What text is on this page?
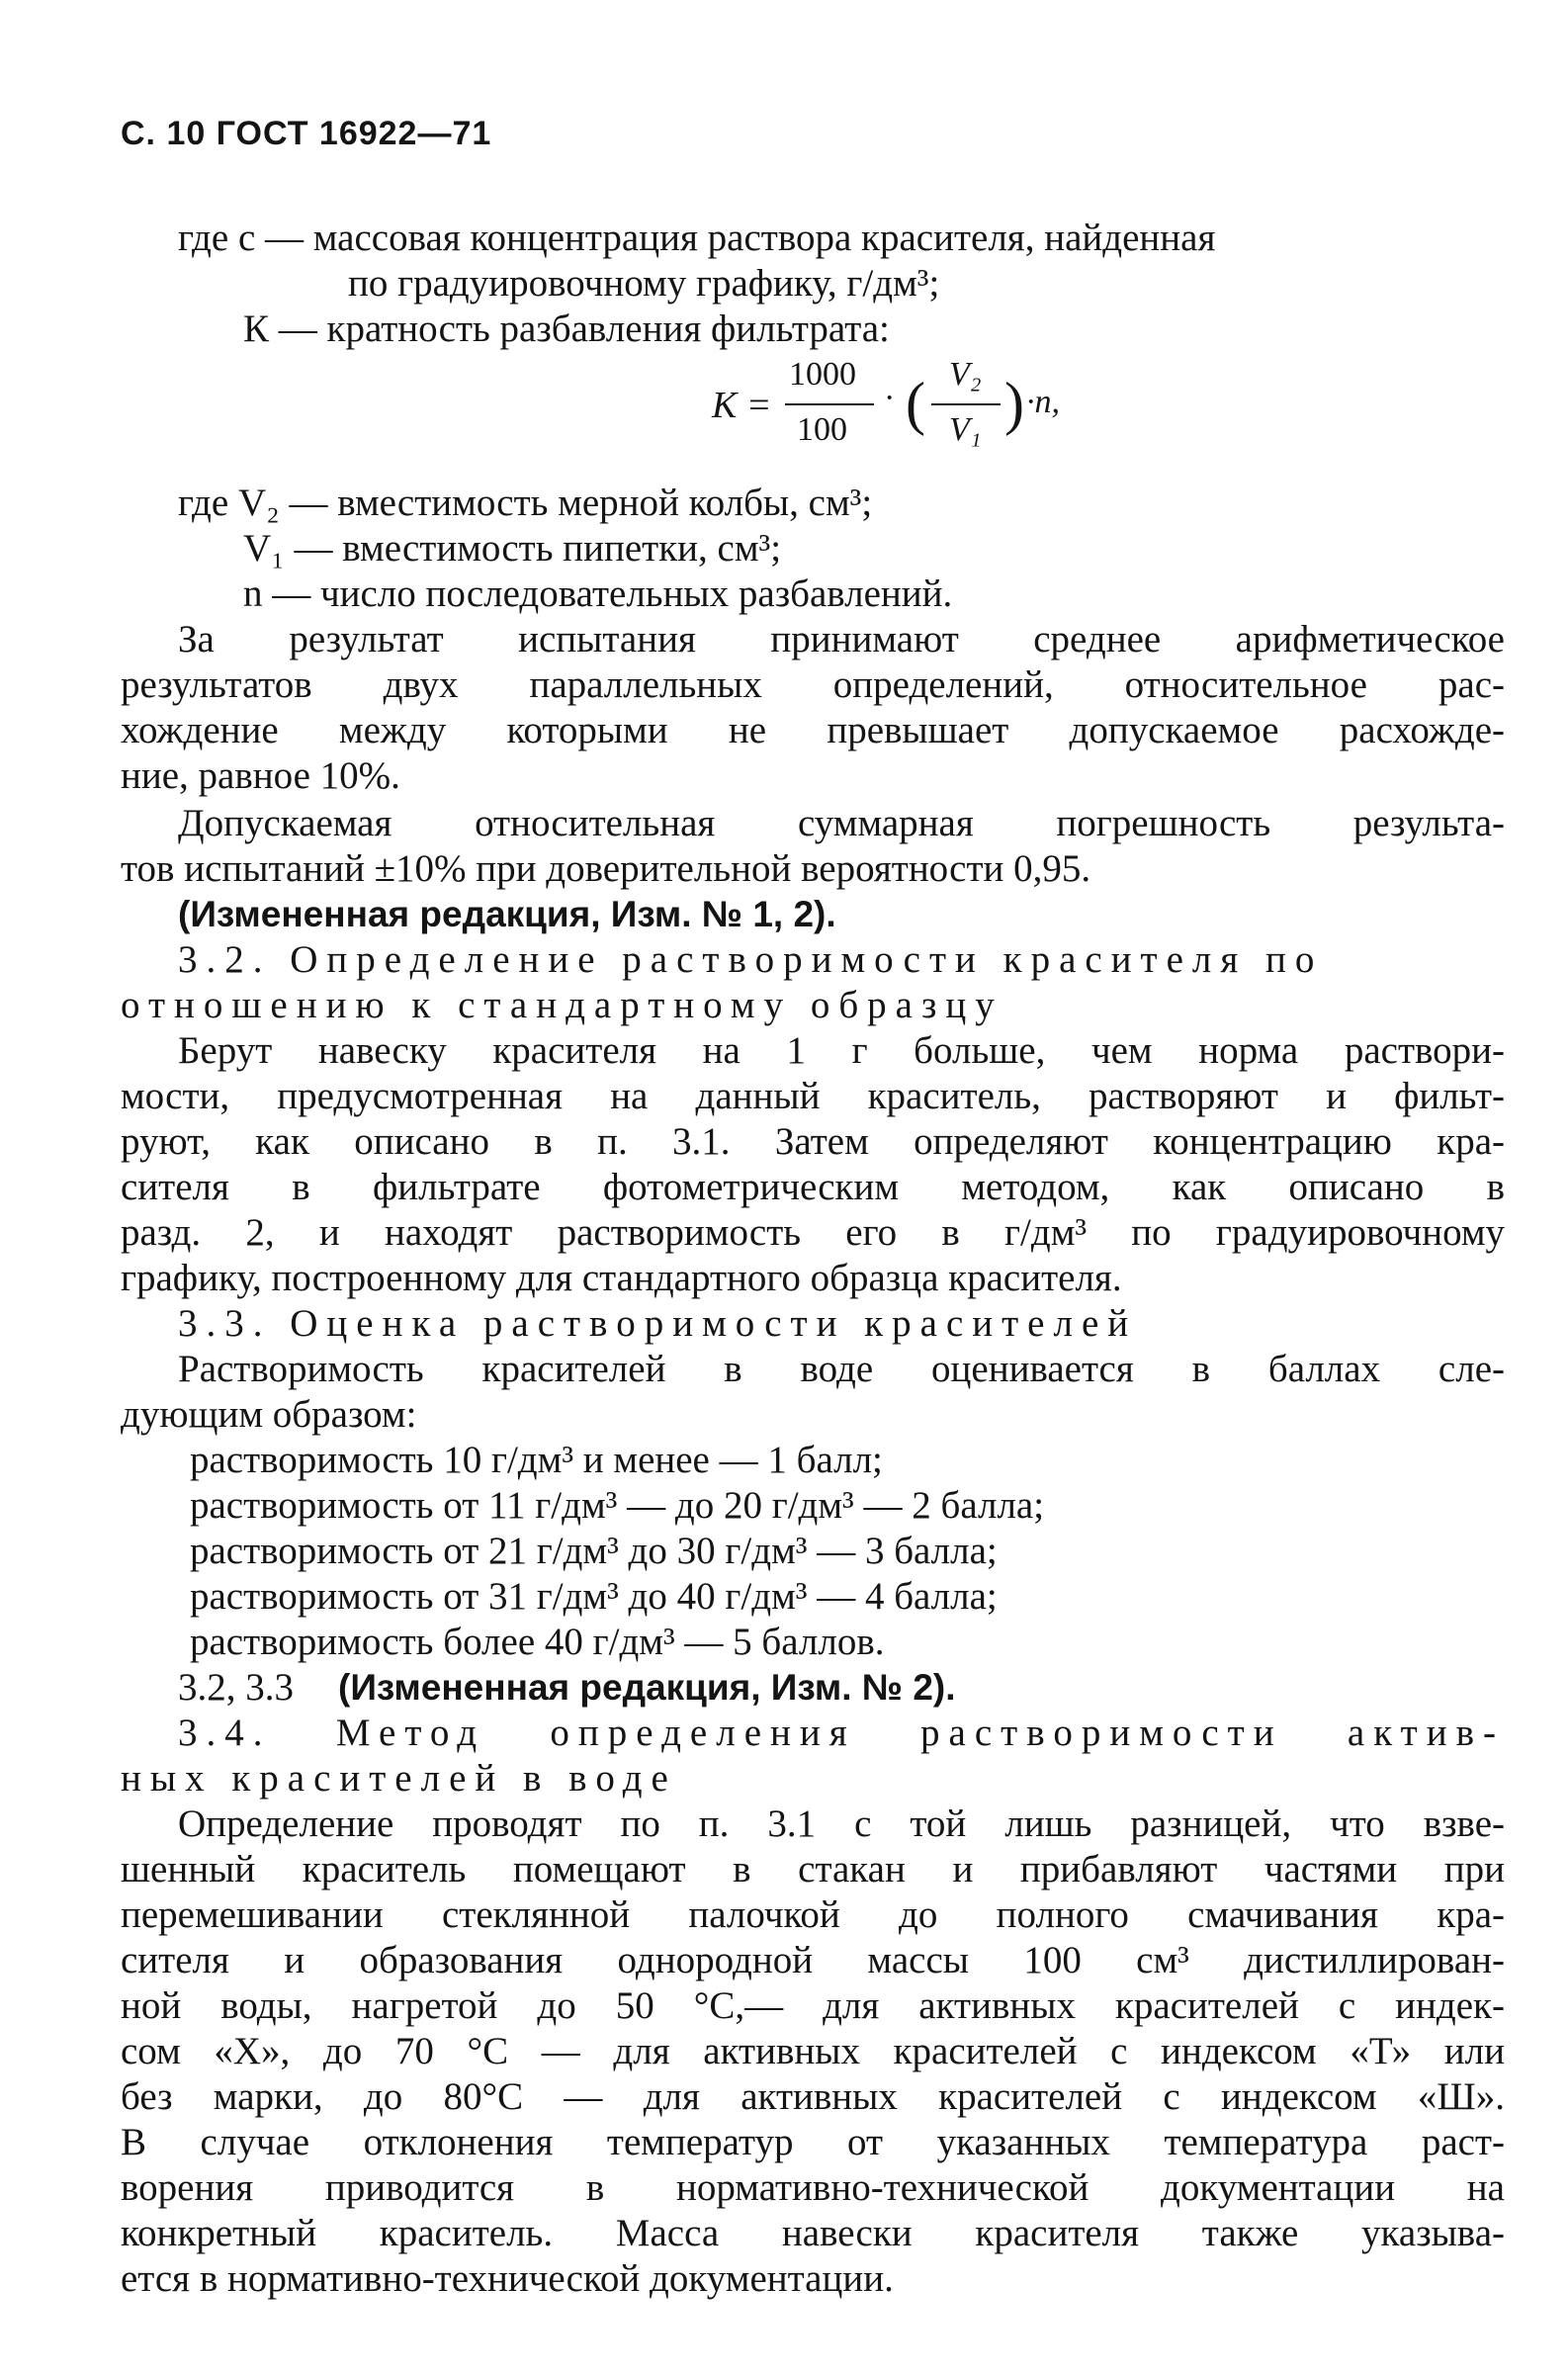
С. 10 ГОСТ 16922—71
где с — массовая концентрация раствора красителя, найденная
по градуировочному графику, г/дм³;
К — кратность разбавления фильтрата:
К =
1000
100
· ( V₂
V₁ ) ·n,
где V₂ — вместимость мерной колбы, см³;
V₁ — вместимость пипетки, см³;
n — число последовательных разбавлений.
За результат испытания принимают среднее арифметическое
результатов двух параллельных определений, относительное рас-
хождение между которыми не превышает допускаемое расхожде-
ние, равное 10%.
Допускаемая относительная суммарная погрешность результа-
тов испытаний ±10% при доверительной вероятности 0,95.
(Измененная редакция, Изм. № 1, 2).
3.2. Определение растворимости красителя по
отношению к стандартному образцу
Берут навеску красителя на 1 г больше, чем норма раствори-
мости, предусмотренная на данный краситель, растворяют и фильт-
руют, как описано в п. 3.1. Затем определяют концентрацию кра-
сителя в фильтрате фотометрическим методом, как описано в
разд. 2, и находят растворимость его в г/дм³ по градуировочному
графику, построенному для стандартного образца красителя.
3.3. Оценка растворимости красителей
Растворимость красителей в воде оценивается в баллах сле-
дующим образом:
растворимость 10 г/дм³ и менее — 1 балл;
растворимость от 11 г/дм³ — до 20 г/дм³ — 2 балла;
растворимость от 21 г/дм³ до 30 г/дм³ — 3 балла;
растворимость от 31 г/дм³ до 40 г/дм³ — 4 балла;
растворимость более 40 г/дм³ — 5 баллов.
3.2, 3.3 (Измененная редакция, Изм. № 2).
3.4. Метод определения растворимости актив-
ных красителей в воде
Определение проводят по п. 3.1 с той лишь разницей, что взве-
шенный краситель помещают в стакан и прибавляют частями при
перемешивании стеклянной палочкой до полного смачивания кра-
сителя и образования однородной массы 100 см³ дистиллирован-
ной воды, нагретой до 50 °С,— для активных красителей с индек-
сом «Х», до 70 °С — для активных красителей с индексом «Т» или
без марки, до 80°С — для активных красителей с индексом «Ш».
В случае отклонения температур от указанных температура раст-
ворения приводится в нормативно-технической документации на
конкретный краситель. Масса навески красителя также указыва-
ется в нормативно-технической документации.
